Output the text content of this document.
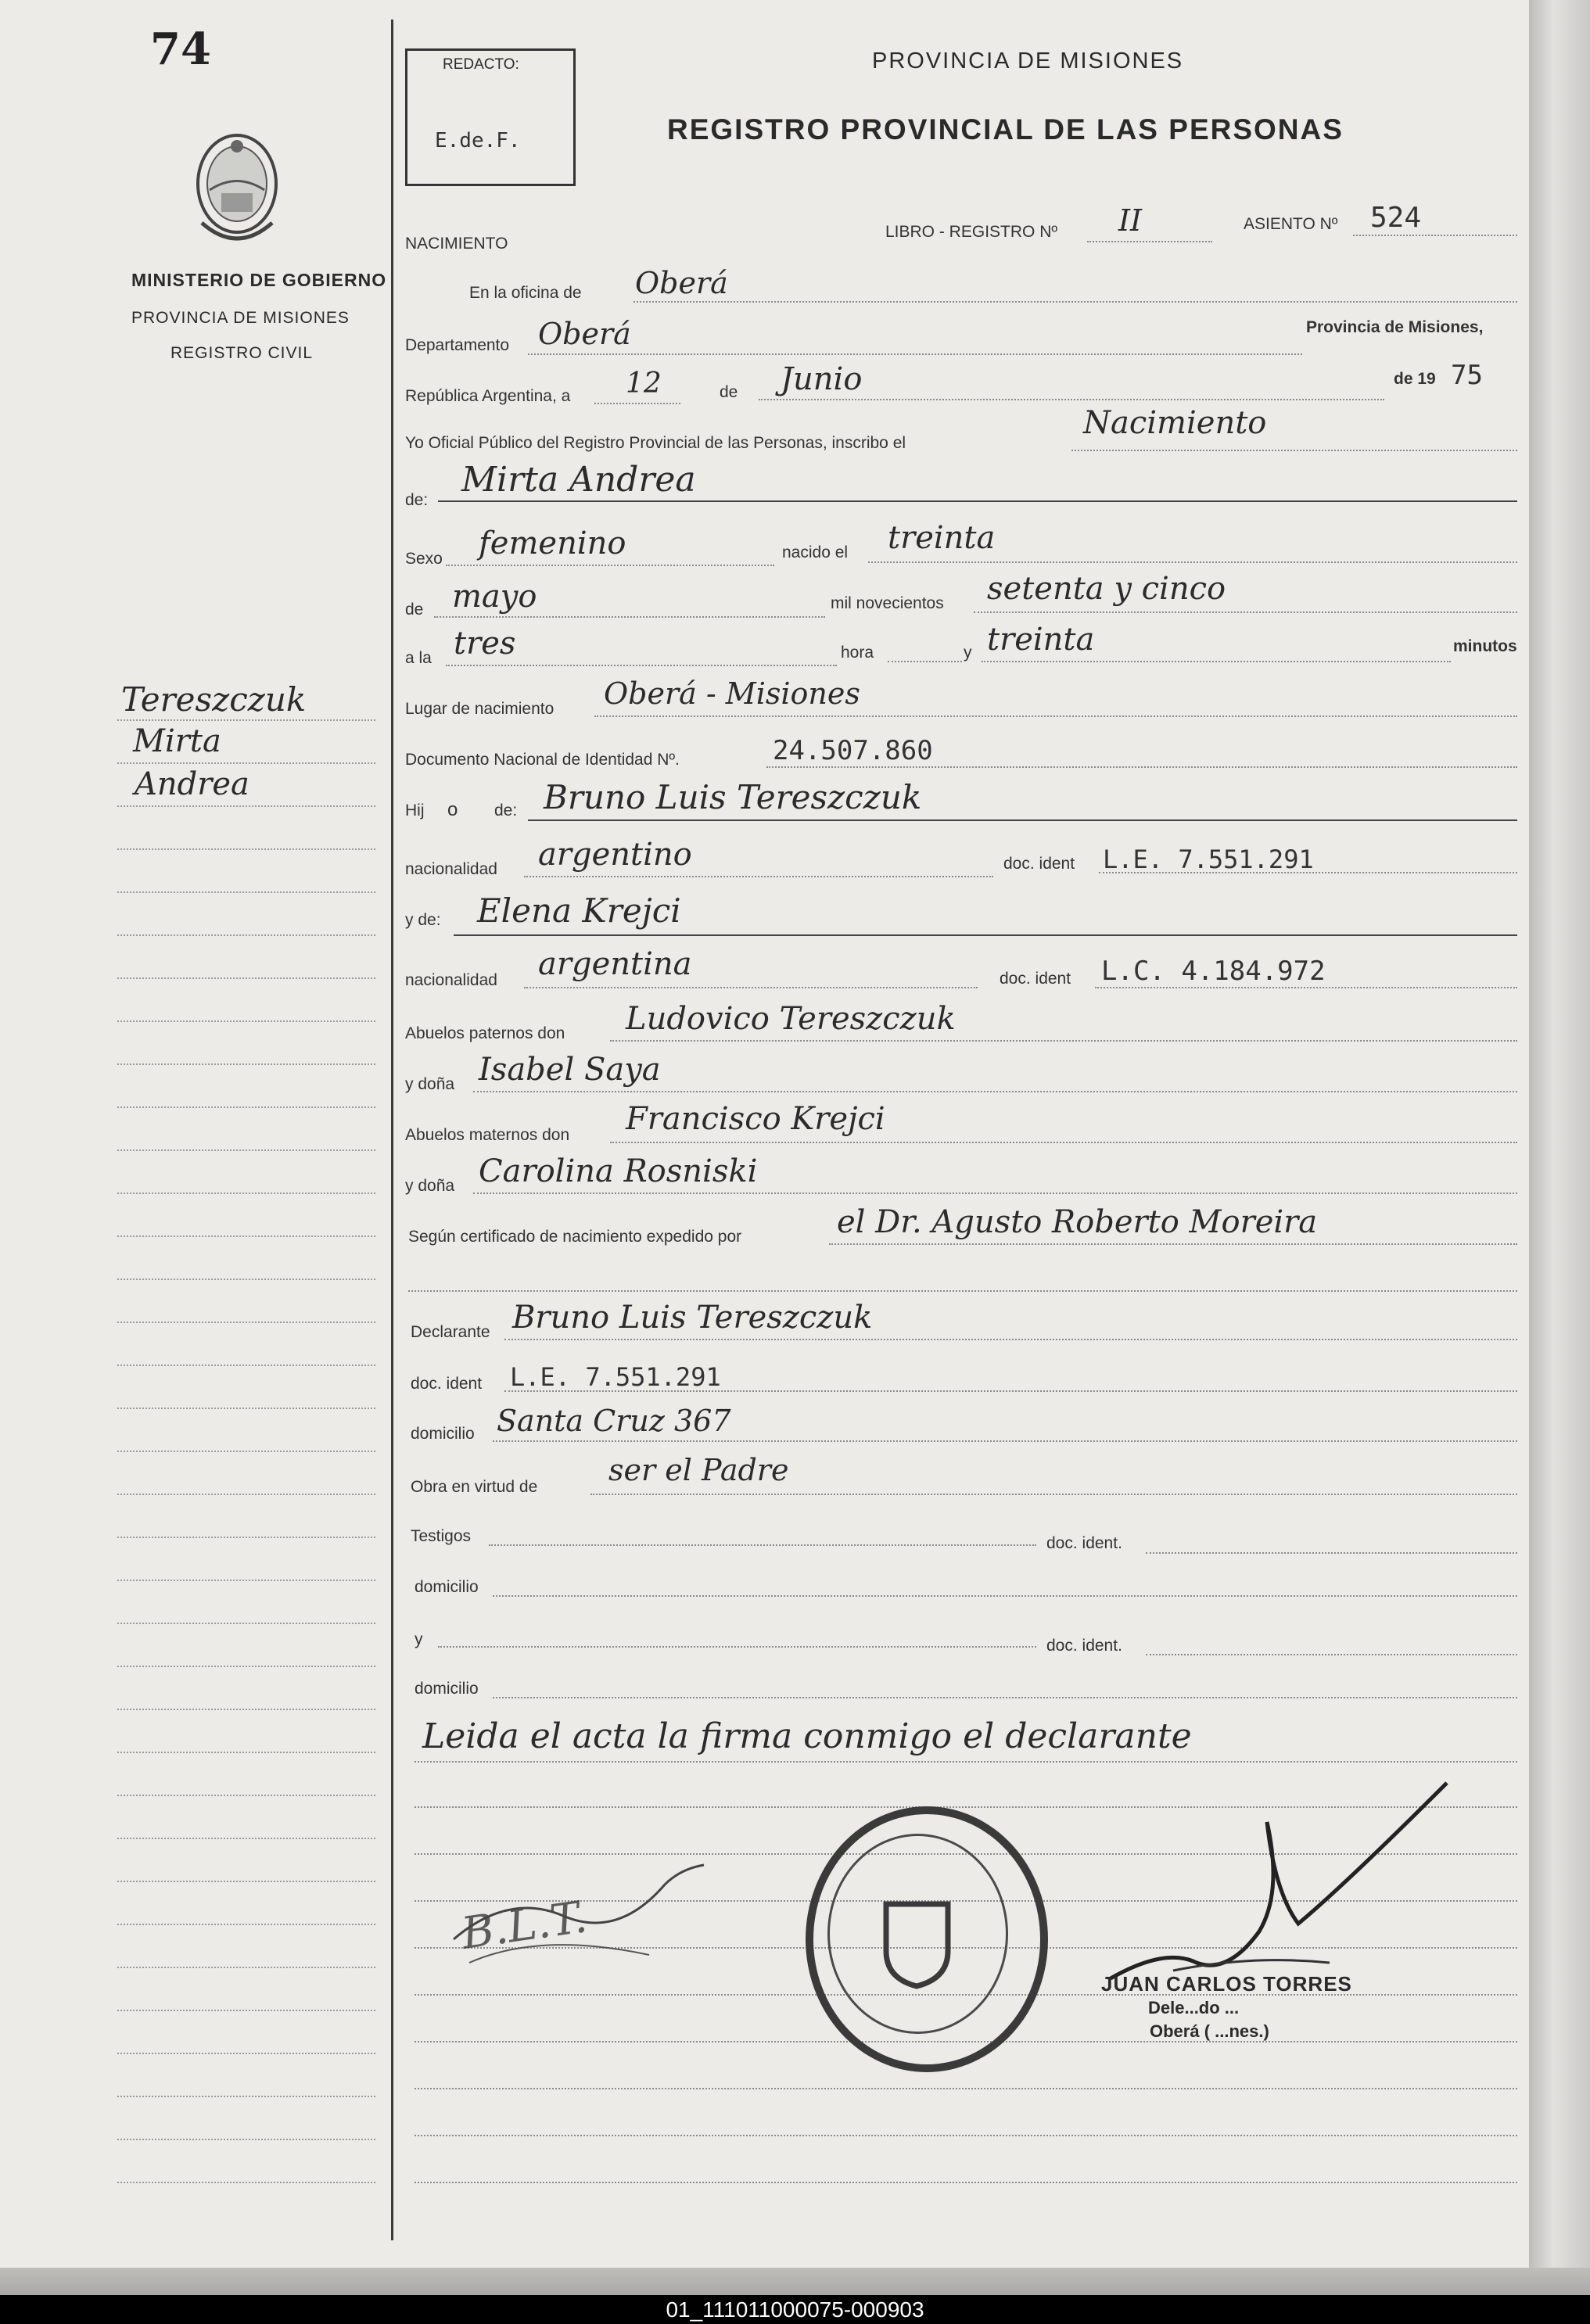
74
MINISTERIO DE GOBIERNO
PROVINCIA DE MISIONES
REGISTRO CIVIL
REDACTO:
E.de.F.
PROVINCIA DE MISIONES
REGISTRO PROVINCIAL DE LAS PERSONAS
NACIMIENTO
LIBRO - REGISTRO Nº II	ASIENTO Nº 524
En la oficina de Oberá
Departamento Oberá	Provincia de Misiones,
República Argentina, a 12	de Junio	de 19 75
Yo Oficial Público del Registro Provincial de las Personas, inscribo el
Nacimiento
de:
Mirta Andrea
Sexo femenino	nacido el treinta
de mayo	mil novecientos setenta y cinco
a la tres	hora	y treinta	minutos
Lugar de nacimiento Oberá - Misiones
Documento Nacional de Identidad Nº.	24.507.860
Hij o de: Bruno Luis Tereszczuk
nacionalidad argentino	doc. ident L.E. 7.551.291
y de: Elena Krejci
nacionalidad argentina	doc. ident L.C. 4.184.972
Abuelos paternos don Ludovico Tereszczuk
y doña Isabel Saya
Abuelos maternos don Francisco Krejci
y doña Carolina Rosniski
Según certificado de nacimiento expedido por	el Dr. Agusto Roberto Moreira
Declarante Bruno Luis Tereszczuk
doc. ident L.E. 7.551.291
domicilio Santa Cruz 367
Obra en virtud de ser el Padre
Testigos	doc. ident.
domicilio
y	doc. ident.
domicilio
Leida el acta la firma conmigo el declarante
B.L.T.
JUAN CARLOS TORRES
Dele...do ...
Oberá ( ...nes.)
Tereszczuk
Mirta
Andrea
01_111011000075-000903
